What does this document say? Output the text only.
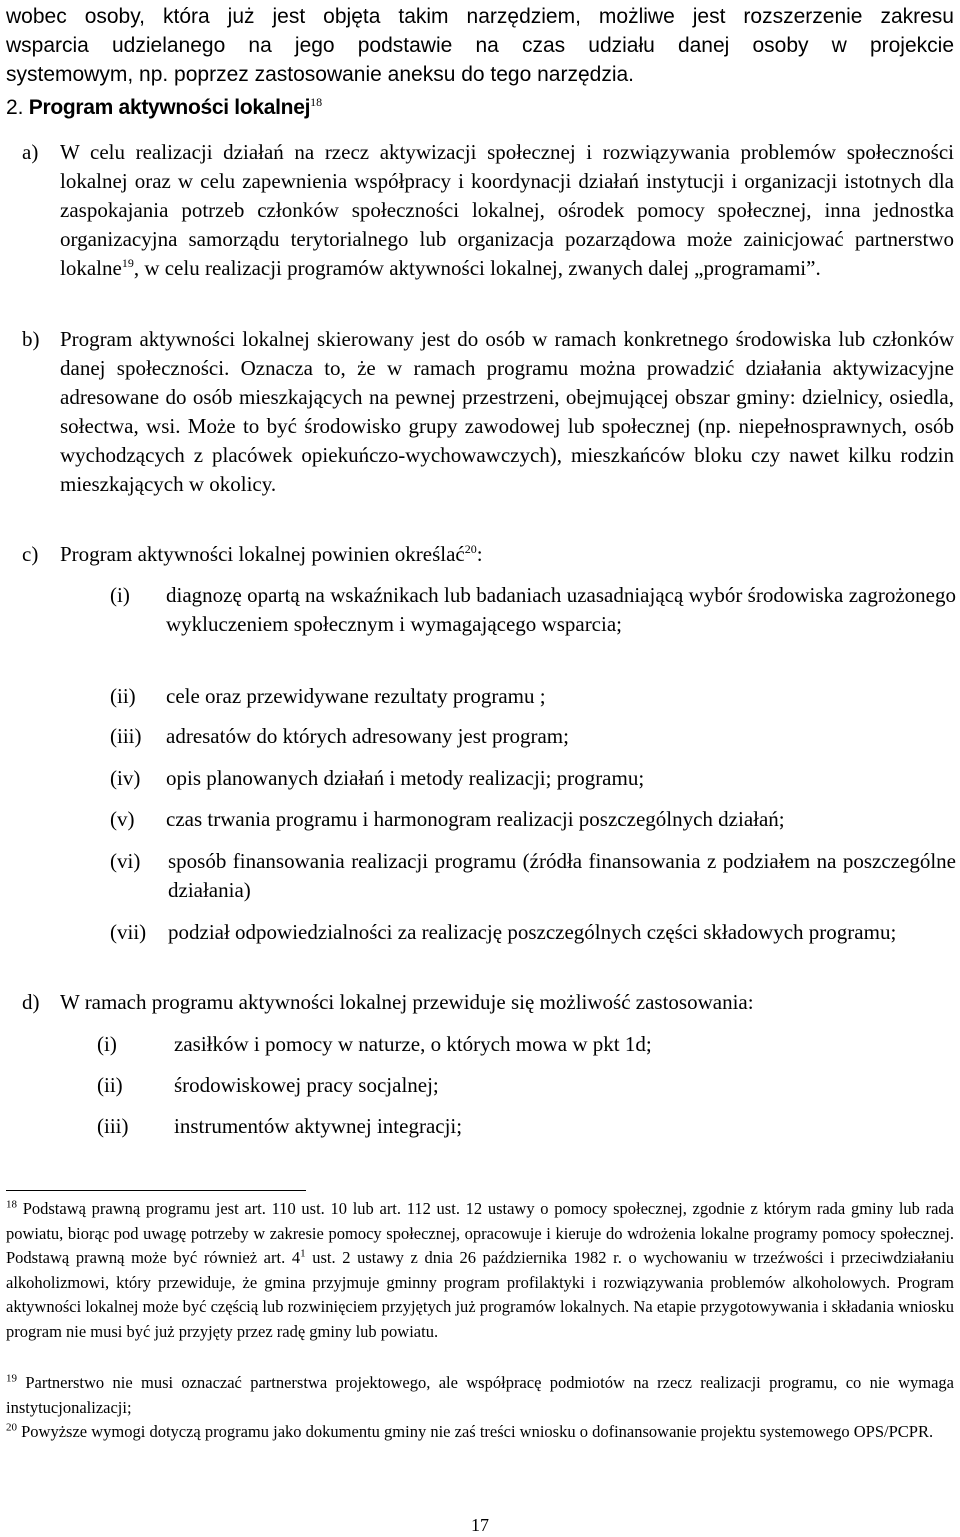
wobec osoby, która już jest objęta takim narzędziem, możliwe jest rozszerzenie zakresu
wsparcia udzielanego na jego podstawie na czas udziału danej osoby w projekcie
systemowym, np. poprzez zastosowanie aneksu do tego narzędzia.
2. Program aktywności lokalnej$^{18}$
a) W celu realizacji działań na rzecz aktywizacji społecznej i rozwiązywania problemów społeczności lokalnej oraz w celu zapewnienia współpracy i koordynacji działań instytucji i organizacji istotnych dla zaspokajania potrzeb członków społeczności lokalnej, ośrodek pomocy społecznej, inna jednostka organizacyjna samorządu terytorialnego lub organizacja pozarządowa może zainicjować partnerstwo lokalne$^{19}$, w celu realizacji programów aktywności lokalnej, zwanych dalej „programami”.
b) Program aktywności lokalnej skierowany jest do osób w ramach konkretnego środowiska lub członków danej społeczności. Oznacza to, że w ramach programu można prowadzić działania aktywizacyjne adresowane do osób mieszkających na pewnej przestrzeni, obejmującej obszar gminy: dzielnicy, osiedla, sołectwa, wsi. Może to być środowisko grupy zawodowej lub społecznej (np. niepełnosprawnych, osób wychodzących z placówek opiekuńczo-wychowawczych), mieszkańców bloku czy nawet kilku rodzin mieszkających w okolicy.
c) Program aktywności lokalnej powinien określać$^{20}$:
(i) diagnozę opartą na wskaźnikach lub badaniach uzasadniającą wybór środowiska zagrożonego wykluczeniem społecznym i wymagającego wsparcia;
(ii) cele oraz przewidywane rezultaty programu ;
(iii) adresatów do których adresowany jest program;
(iv) opis planowanych działań i metody realizacji; programu;
(v) czas trwania programu i harmonogram realizacji poszczególnych działań;
(vi) sposób finansowania realizacji programu (źródła finansowania z podziałem na poszczególne działania)
(vii) podział odpowiedzialności za realizację poszczególnych części składowych programu;
d) W ramach programu aktywności lokalnej przewiduje się możliwość zastosowania:
(i)	zasiłków i pomocy w naturze, o których mowa w pkt 1d;
(ii) środowiskowej pracy socjalnej;
(iii) instrumentów aktywnej integracji;
$^{18}$ Podstawą prawną programu jest art. 110 ust. 10 lub art. 112 ust. 12 ustawy o pomocy społecznej, zgodnie z którym rada gminy lub rada powiatu, biorąc pod uwagę potrzeby w zakresie pomocy społecznej, opracowuje i kieruje do wdrożenia lokalne programy pomocy społecznej. Podstawą prawną może być również art. $4^1$ ust. 2 ustawy z dnia 26 października 1982 r. o wychowaniu w trzeźwości i przeciwdziałaniu alkoholizmowi, który przewiduje, że gmina przyjmuje gminny program profilaktyki i rozwiązywania problemów alkoholowych. Program aktywności lokalnej może być częścią lub rozwinięciem przyjętych już programów lokalnych. Na etapie przygotowywania i składania wniosku program nie musi być już przyjęty przez radę gminy lub powiatu.
$^{19}$ Partnerstwo nie musi oznaczać partnerstwa projektowego, ale współpracę podmiotów na rzecz realizacji programu, co nie wymaga instytucjonalizacji;
$^{20}$ Powyższe wymogi dotyczą programu jako dokumentu gminy nie zaś treści wniosku o dofinansowanie projektu systemowego OPS/PCPR.
17
